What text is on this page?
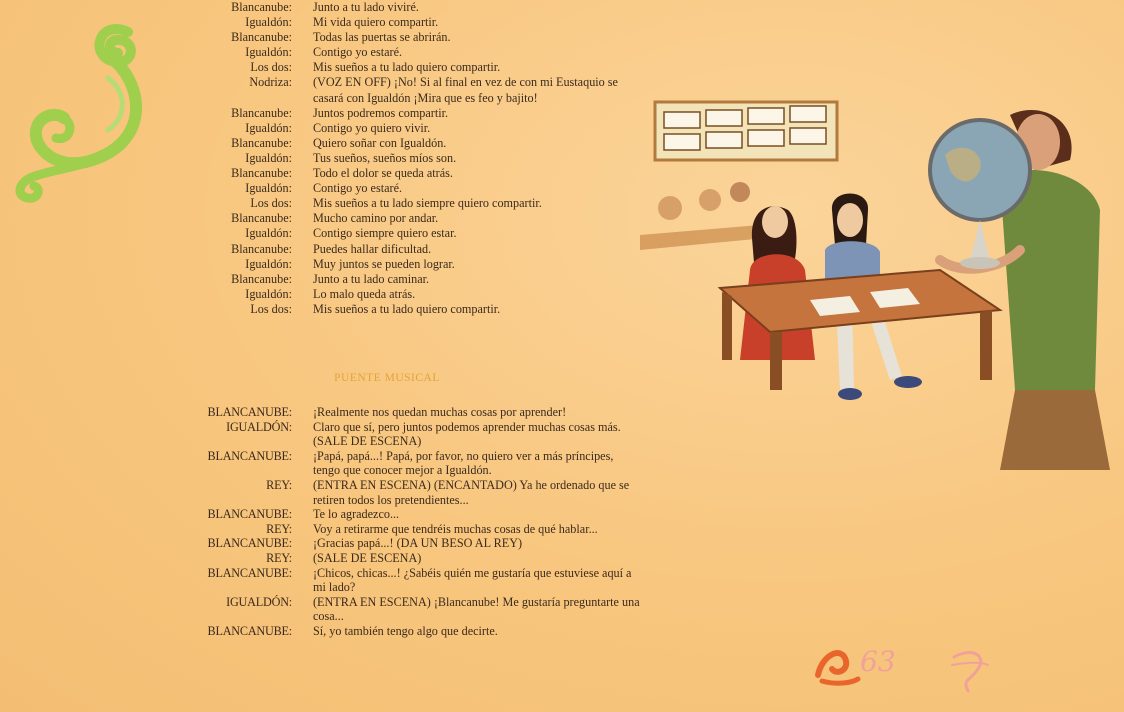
Blancanube:	Junto a tu lado viviré.
Igualdón:	Mi vida quiero compartir.
Blancanube:	Todas las puertas se abrirán.
Igualdón:	Contigo yo estaré.
Los dos:	Mis sueños a tu lado quiero compartir.
Nodriza:	(VOZ EN OFF) ¡No! Si al final en vez de con mi Eustaquio se
casará con Igualdón ¡Mira que es feo y bajito!
Blancanube:	Juntos podremos compartir.
Igualdón:	Contigo yo quiero vivir.
Blancanube:	Quiero soñar con Igualdón.
Igualdón:	Tus sueños, sueños míos son.
Blancanube:	Todo el dolor se queda atrás.
Igualdón:	Contigo yo estaré.
Los dos:	Mis sueños a tu lado siempre quiero compartir.
Blancanube:	Mucho camino por andar.
Igualdón:	Contigo siempre quiero estar.
Blancanube:	Puedes hallar dificultad.
Igualdón:	Muy juntos se pueden lograr.
Blancanube:	Junto a tu lado caminar.
Igualdón:	Lo malo queda atrás.
Los dos:	Mis sueños a tu lado quiero compartir.
PUENTE MUSICAL
BLANCANUBE:	¡Realmente nos quedan muchas cosas por aprender!
IGUALDÓN:	Claro que sí, pero juntos podemos aprender muchas cosas más.
(SALE DE ESCENA)
BLANCANUBE:	¡Papá, papá...! Papá, por favor, no quiero ver a más príncipes,
tengo que conocer mejor a Igualdón.
REY:	(ENTRA EN ESCENA) (ENCANTADO) Ya he ordenado que se
retiren todos los pretendientes...
BLANCANUBE:	Te lo agradezco...
REY:	Voy a retirarme que tendréis muchas cosas de qué hablar...
BLANCANUBE:	¡Gracias papá...! (DA UN BESO AL REY)
REY:	(SALE DE ESCENA)
BLANCANUBE:	¡Chicos, chicas...! ¿Sabéis quién me gustaría que estuviese aquí a
mi lado?
IGUALDÓN:	(ENTRA EN ESCENA) ¡Blancanube! Me gustaría preguntarte una
cosa...
BLANCANUBE:	Sí, yo también tengo algo que decirte.
63
